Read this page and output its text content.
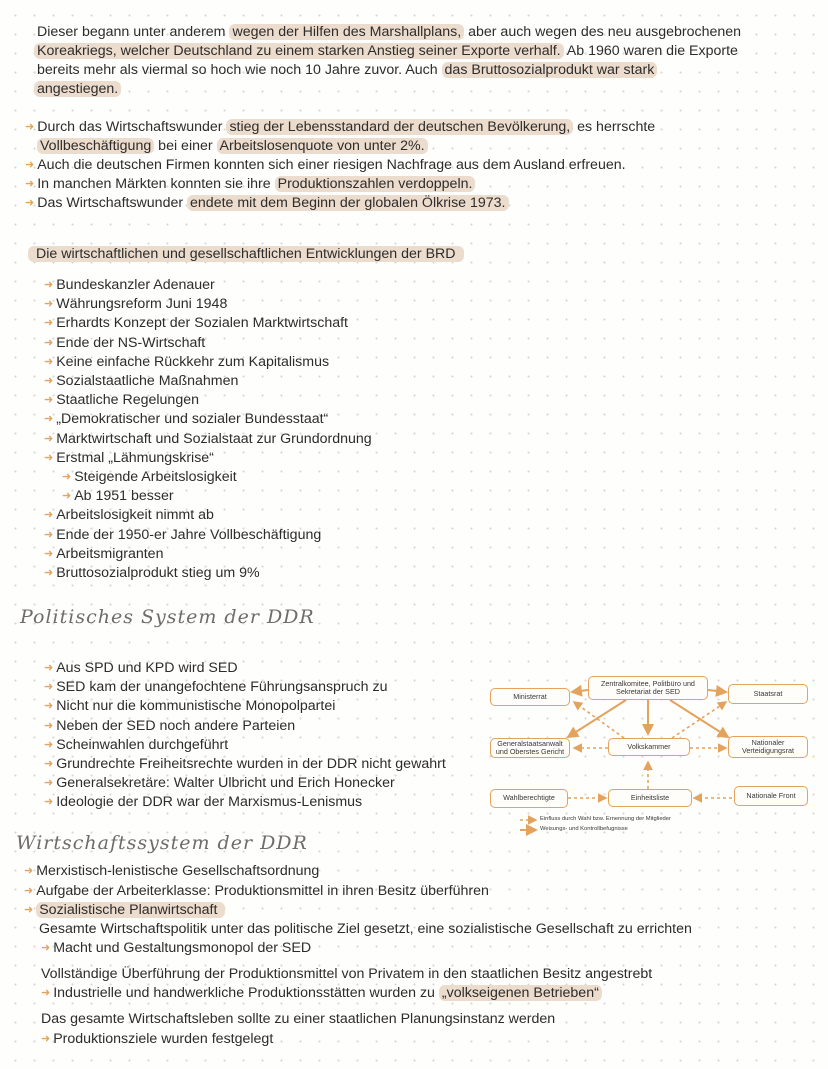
Dieser begann unter anderem wegen der Hilfen des Marshallplans, aber auch wegen des neu ausgebrochenen
Koreakriegs, welcher Deutschland zu einem starken Anstieg seiner Exporte verhalf. Ab 1960 waren die Exporte
bereits mehr als viermal so hoch wie noch 10 Jahre zuvor. Auch das Bruttosozialprodukt war stark
angestiegen.
➜ Durch das Wirtschaftswunder stieg der Lebensstandard der deutschen Bevölkerung, es herrschte
Vollbeschäftigung bei einer Arbeitslosenquote von unter 2%.
➜ Auch die deutschen Firmen konnten sich einer riesigen Nachfrage aus dem Ausland erfreuen.
➜ In manchen Märkten konnten sie ihre Produktionszahlen verdoppeln.
➜ Das Wirtschaftswunder endete mit dem Beginn der globalen Ölkrise 1973.
Die wirtschaftlichen und gesellschaftlichen Entwicklungen der BRD
➜ Bundeskanzler Adenauer
➜ Währungsreform Juni 1948
➜ Erhardts Konzept der Sozialen Marktwirtschaft
➜ Ende der NS-Wirtschaft
➜ Keine einfache Rückkehr zum Kapitalismus
➜ Sozialstaatliche Maßnahmen
➜ Staatliche Regelungen
➜ „Demokratischer und sozialer Bundesstaat“
➜ Marktwirtschaft und Sozialstaat zur Grundordnung
➜ Erstmal „Lähmungskrise“
➜ Steigende Arbeitslosigkeit
➜ Ab 1951 besser
➜ Arbeitslosigkeit nimmt ab
➜ Ende der 1950-er Jahre Vollbeschäftigung
➜ Arbeitsmigranten
➜ Bruttosozialprodukt stieg um 9%
Politisches System der DDR
➜ Aus SPD und KPD wird SED
➜ SED kam der unangefochtene Führungsanspruch zu
➜ Nicht nur die kommunistische Monopolpartei
➜ Neben der SED noch andere Parteien
➜ Scheinwahlen durchgeführt
➜ Grundrechte Freiheitsrechte wurden in der DDR nicht gewahrt
➜ Generalsekretäre: Walter Ulbricht und Erich Honecker
➜ Ideologie der DDR war der Marxismus-Lenismus
Zentralkomitee, Politbüro und Sekretariat der SED
Ministerrat	Staatsrat
Generalstaatsanwalt und Oberstes Gericht
Volkskammer	Nationaler Verteidigungsrat
Wahlberechtigte	Einheitsliste	Nationale Front
Einfluss durch Wahl bzw. Ernennung der Mitglieder
Weisungs- und Kontrollbefugnisse
Wirtschaftssystem der DDR
➜ Merxistisch-lenistische Gesellschaftsordnung
➜ Aufgabe der Arbeiterklasse: Produktionsmittel in ihren Besitz überführen
➜ Sozialistische Planwirtschaft
Gesamte Wirtschaftspolitik unter das politische Ziel gesetzt, eine sozialistische Gesellschaft zu errichten
➜ Macht und Gestaltungsmonopol der SED
Vollständige Überführung der Produktionsmittel von Privatem in den staatlichen Besitz angestrebt
➜ Industrielle und handwerkliche Produktionsstätten wurden zu „volkseigenen Betrieben“
Das gesamte Wirtschaftsleben sollte zu einer staatlichen Planungsinstanz werden
➜ Produktionsziele wurden festgelegt
